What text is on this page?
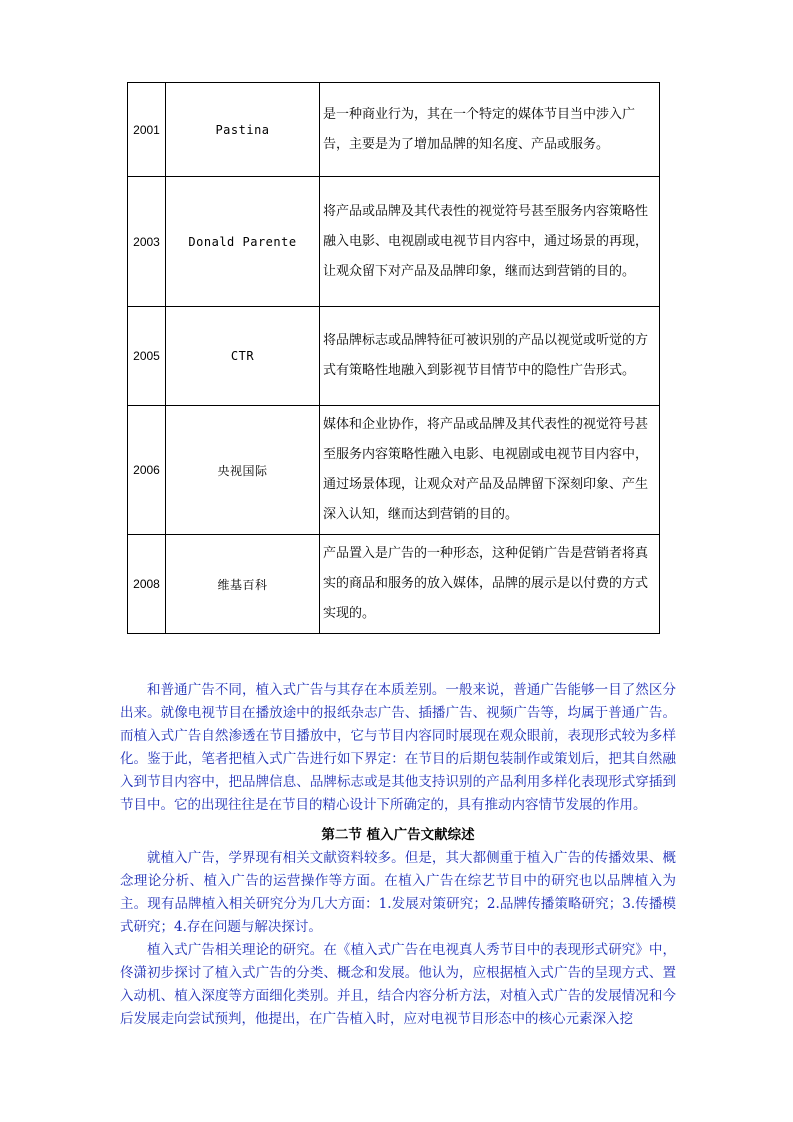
2001	Pastina	是一种商业行为，其在一个特定的媒体节目当中涉入广告，主要是为了增加品牌的知名度、产品或服务。
2003	Donald Parente	将产品或品牌及其代表性的视觉符号甚至服务内容策略性融入电影、电视剧或电视节目内容中，通过场景的再现，让观众留下对产品及品牌印象，继而达到营销的目的。
2005	CTR	将品牌标志或品牌特征可被识别的产品以视觉或听觉的方式有策略性地融入到影视节目情节中的隐性广告形式。
2006	央视国际	媒体和企业协作，将产品或品牌及其代表性的视觉符号甚至服务内容策略性融入电影、电视剧或电视节目内容中，通过场景体现，让观众对产品及品牌留下深刻印象、产生深入认知，继而达到营销的目的。
2008	维基百科	产品置入是广告的一种形态，这种促销广告是营销者将真实的商品和服务的放入媒体，品牌的展示是以付费的方式实现的。

和普通广告不同，植入式广告与其存在本质差别。一般来说，普通广告能够一目了然区分出来。就像电视节目在播放途中的报纸杂志广告、插播广告、视频广告等，均属于普通广告。而植入式广告自然渗透在节目播放中，它与节目内容同时展现在观众眼前，表现形式较为多样化。鉴于此，笔者把植入式广告进行如下界定：在节目的后期包装制作或策划后，把其自然融入到节目内容中，把品牌信息、品牌标志或是其他支持识别的产品利用多样化表现形式穿插到节目中。它的出现往往是在节目的精心设计下所确定的，具有推动内容情节发展的作用。

第二节 植入广告文献综述

就植入广告，学界现有相关文献资料较多。但是，其大都侧重于植入广告的传播效果、概念理论分析、植入广告的运营操作等方面。在植入广告在综艺节目中的研究也以品牌植入为主。现有品牌植入相关研究分为几大方面：1.发展对策研究；2.品牌传播策略研究；3.传播模式研究；4.存在问题与解决探讨。

植入式广告相关理论的研究。在《植入式广告在电视真人秀节目中的表现形式研究》中，佟潇初步探讨了植入式广告的分类、概念和发展。他认为，应根据植入式广告的呈现方式、置入动机、植入深度等方面细化类别。并且，结合内容分析方法，对植入式广告的发展情况和今后发展走向尝试预判，他提出，在广告植入时，应对电视节目形态中的核心元素深入挖
